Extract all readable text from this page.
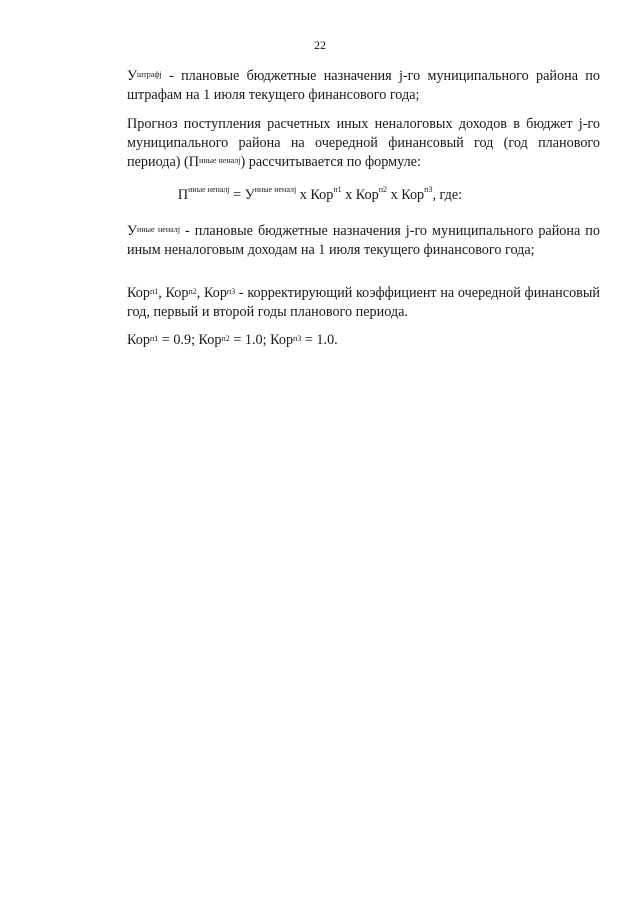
22

$У^{штрафj}$ - плановые бюджетные назначения j-го муниципального района по штрафам на 1 июля текущего финансового года;

Прогноз поступления расчетных иных неналоговых доходов в бюджет j-го муниципального района на очередной финансовый год (год планового периода) $(П^{иные неналj})$ рассчитывается по формуле:

$П^{иные неналj} = У^{иные неналj}$ х Кор$^{п1}$ х Кор$^{п2}$ х Кор$^{п3}$, где:

$У^{иные неналj}$ - плановые бюджетные назначения j-го муниципального района по иным неналоговым доходам на 1 июля текущего финансового года;

Кор$^{п1}$, Кор$^{п2}$, Кор$^{п3}$ - корректирующий коэффициент на очередной финансовый год, первый и второй годы планового периода.

Кор$^{п1}$ = 0.9; Кор$^{п2}$ = 1.0; Кор$^{п3}$ = 1.0.
